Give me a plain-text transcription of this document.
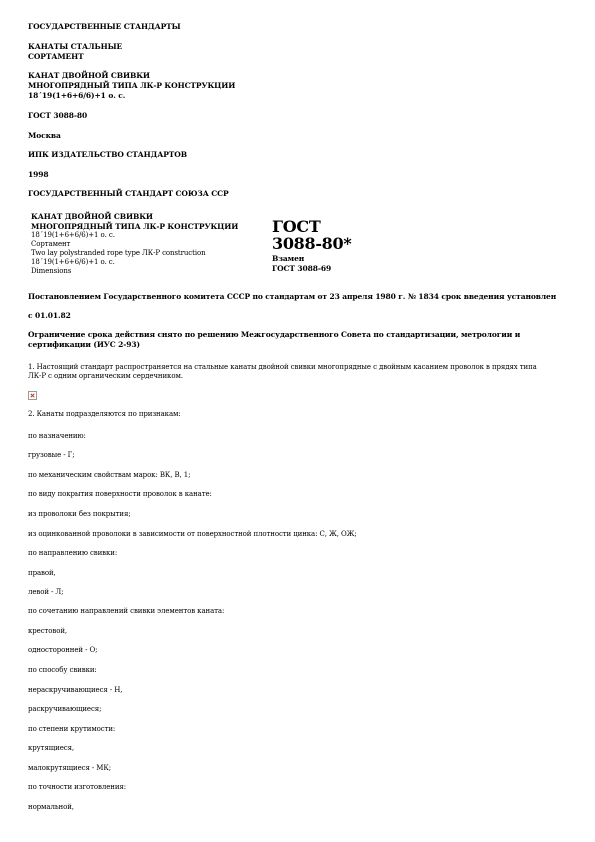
ГОСУДАРСТВЕННЫЕ СТАНДАРТЫ
КАНАТЫ СТАЛЬНЫЕ
СОРТАМЕНТ
КАНАТ ДВОЙНОЙ СВИВКИ
МНОГОПРЯДНЫЙ ТИПА ЛК-Р КОНСТРУКЦИИ
18´19(1+6+6/6)+1 о. с.
ГОСТ 3088-80
Москва
ИПК ИЗДАТЕЛЬСТВО СТАНДАРТОВ
1998
ГОСУДАРСТВЕННЫЙ СТАНДАРТ СОЮЗА ССР
КАНАТ ДВОЙНОЙ СВИВКИ
МНОГОПРЯДНЫЙ ТИПА ЛК-Р КОНСТРУКЦИИ
18´19(1+6+6/6)+1 о. с.
Сортамент
Two lay polystranded rope type ЛК-Р construction
18´19(1+6+6/6)+1 o. c.
Dimensions
ГОСТ
3088-80*
Взамен
ГОСТ 3088-69
Постановлением Государственного комитета СССР по стандартам от 23 апреля 1980 г. № 1834 срок введения установлен
с 01.01.82
Ограничение срока действия снято по решению Межгосударственного Совета по стандартизации, метрологии и сертификации (ИУС 2-93)
1. Настоящий стандарт распространяется на стальные канаты двойной свивки многопрядные с двойным касанием проволок в прядях типа ЛК-Р с одним органическим сердечником.
2. Канаты подразделяются по признакам:
по назначению:
грузовые - Г;
по механическим свойствам марок: ВК, В, 1;
по виду покрытия поверхности проволок в канате:
из проволоки без покрытия;
из оцинкованной проволоки в зависимости от поверхностной плотности цинка: С, Ж, ОЖ;
по направлению свивки:
правой,
левой - Л;
по сочетанию направлений свивки элементов каната:
крестовой,
односторонней - О;
по способу свивки:
нераскручивающиеся - Н,
раскручивающиеся;
по степени крутимости:
крутящиеся,
малокрутящиеся - МК;
по точности изготовления:
нормальной,
